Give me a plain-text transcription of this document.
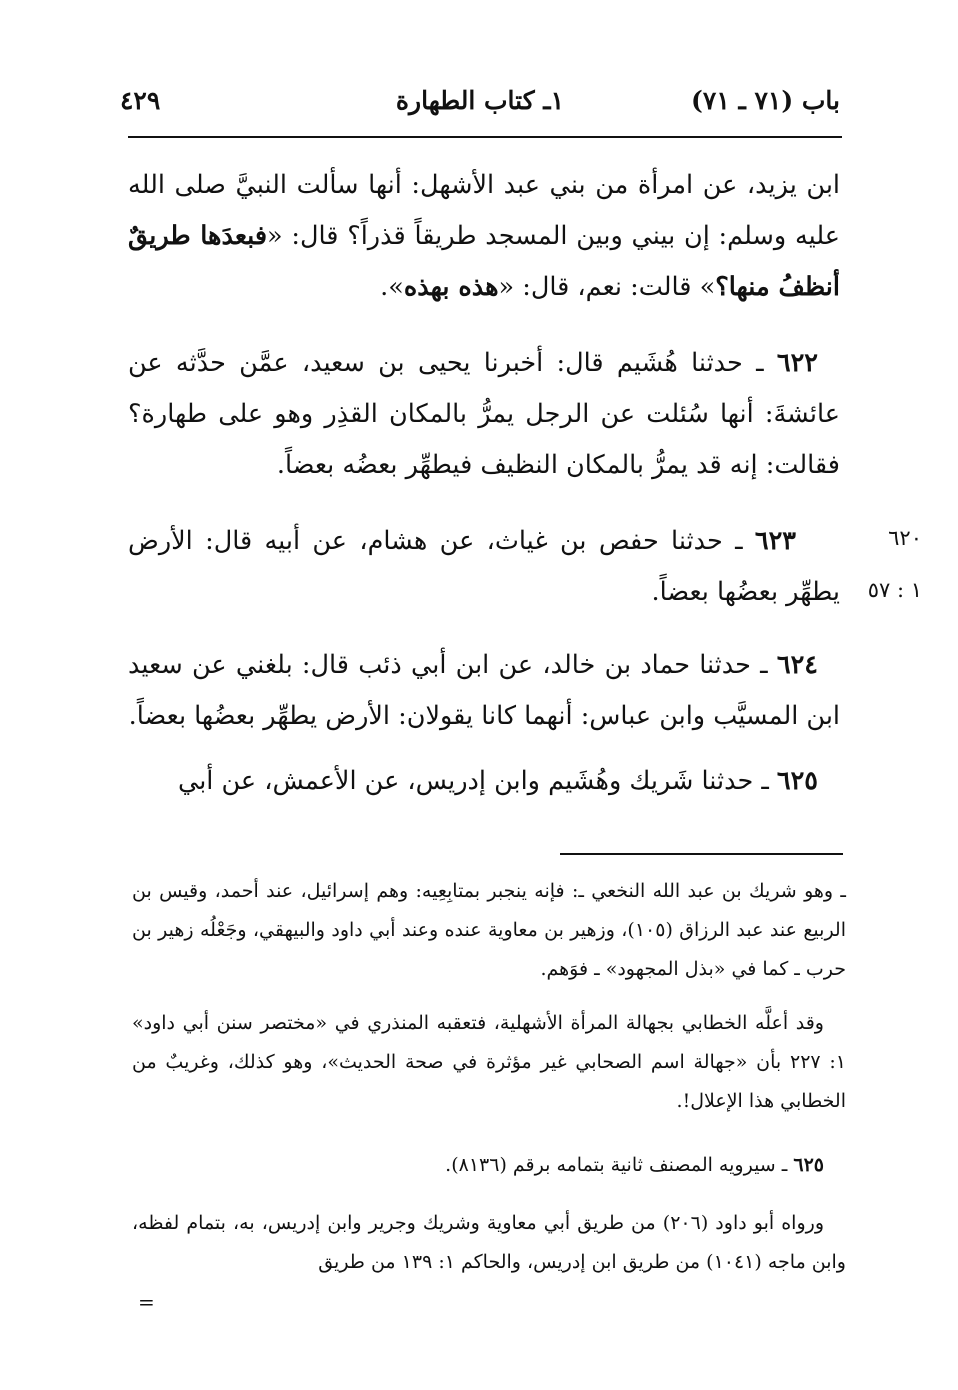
باب (٧١ ـ ٧١)
١ـ كتاب الطهارة
٤٢٩
ابن يزيد، عن امرأة من بني عبد الأشهل: أنها سألت النبيَّ صلى الله عليه وسلم: إن بيني وبين المسجد طريقاً قذراً؟ قال: «فبعدَها طريقٌ أنظفُ منها؟» قالت: نعم، قال: «هذه بهذه».
٦٢٢ ـ حدثنا هُشَيم قال: أخبرنا يحيى بن سعيد، عمَّن حدَّثه عن عائشةَ: أنها سُئلت عن الرجل يمرُّ بالمكان القذِر وهو على طهارة؟ فقالت: إنه قد يمرُّ بالمكان النظيف فيطهِّر بعضُه بعضاً.
٦٢٣ ـ حدثنا حفص بن غياث، عن هشام، عن أبيه قال: الأرض يطهِّر بعضُها بعضاً.
٦٢٠
١ : ٥٧
٦٢٤ ـ حدثنا حماد بن خالد، عن ابن أبي ذئب قال: بلغني عن سعيد ابن المسيَّب وابن عباس: أنهما كانا يقولان: الأرض يطهِّر بعضُها بعضاً.
٦٢٥ ـ حدثنا شَريك وهُشَيم وابن إدريس، عن الأعمش، عن أبي
ـ وهو شريك بن عبد الله النخعي ـ: فإنه ينجبر بمتابِعِيه: وهم إسرائيل، عند أحمد، وقيس بن الربيع عند عبد الرزاق (١٠٥)، وزهير بن معاوية عنده وعند أبي داود والبيهقي، وجَعْلُه زهير بن حرب ـ كما في «بذل المجهود» ـ فوَهم.
وقد أعلَّه الخطابي بجهالة المرأة الأشهلية، فتعقبه المنذري في «مختصر سنن أبي داود» ١: ٢٢٧ بأن «جهالة اسم الصحابي غير مؤثرة في صحة الحديث»، وهو كذلك، وغريبٌ من الخطابي هذا الإعلال!.
٦٢٥ ـ سيرويه المصنف ثانية بتمامه برقم (٨١٣٦).
ورواه أبو داود (٢٠٦) من طريق أبي معاوية وشريك وجرير وابن إدريس، به، بتمام لفظه، وابن ماجه (١٠٤١) من طريق ابن إدريس، والحاكم ١: ١٣٩ من طريق
=
